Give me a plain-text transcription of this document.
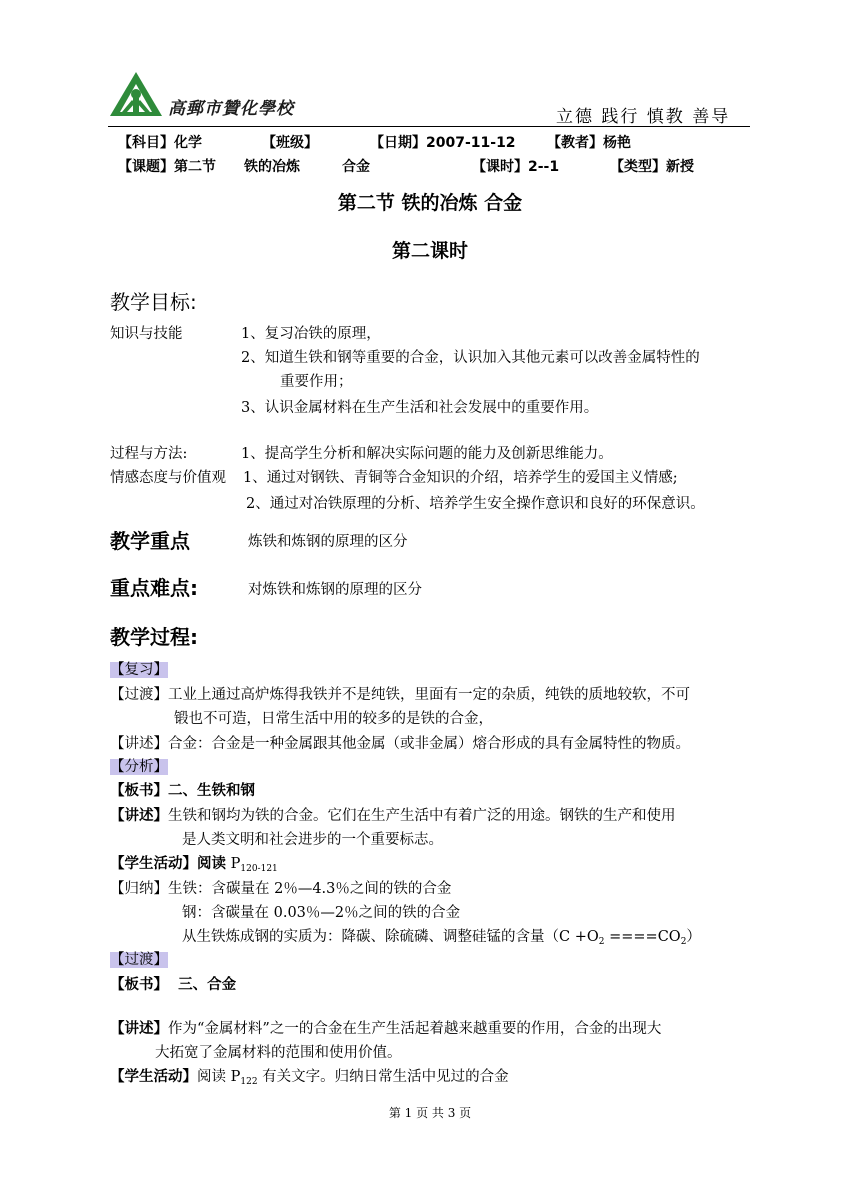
高郵市贊化學校	立德 践行 慎教 善导
【科目】化学	【班级】	【日期】2007-11-12 【教者】杨艳
【课题】第二节　　铁的冶炼　　　合金	【课时】2--1	【类型】新授
第二节 铁的冶炼 合金
第二课时
教学目标:
知识与技能	1、复习冶铁的原理，
2、知道生铁和钢等重要的合金，认识加入其他元素可以改善金属特性的
重要作用；
3、认识金属材料在生产生活和社会发展中的重要作用。
过程与方法:	1、提高学生分析和解决实际问题的能力及创新思维能力。
情感态度与价值观 1、通过对钢铁、青铜等合金知识的介绍，培养学生的爱国主义情感;
2、通过对冶铁原理的分析、培养学生安全操作意识和良好的环保意识。
教学重点	炼铁和炼钢的原理的区分
重点难点:	对炼铁和炼钢的原理的区分
教学过程:
【复习】
【过渡】工业上通过高炉炼得我铁并不是纯铁，里面有一定的杂质，纯铁的质地较软，不可
锻也不可造，日常生活中用的较多的是铁的合金，
【讲述】合金：合金是一种金属跟其他金属（或非金属）熔合形成的具有金属特性的物质。
【分析】
【板书】二、生铁和钢
【讲述】生铁和钢均为铁的合金。它们在生产生活中有着广泛的用途。钢铁的生产和使用
是人类文明和社会进步的一个重要标志。
【学生活动】阅读 $P_{120-121}$
【归纳】生铁：含碳量在 2％—4.3％之间的铁的合金
钢：含碳量在 0.03％—2％之间的铁的合金
从生铁炼成钢的实质为：降碳、除硫磷、调整硅锰的含量$(C +O_2 ====CO_2)$
【过渡】
【板书】 三、合金
【讲述】作为“金属材料”之一的合金在生产生活起着越来越重要的作用，合金的出现大
大拓宽了金属材料的范围和使用价值。
【学生活动】阅读 $P_{122}$ 有关文字。归纳日常生活中见过的合金
第 1 页 共 3 页
